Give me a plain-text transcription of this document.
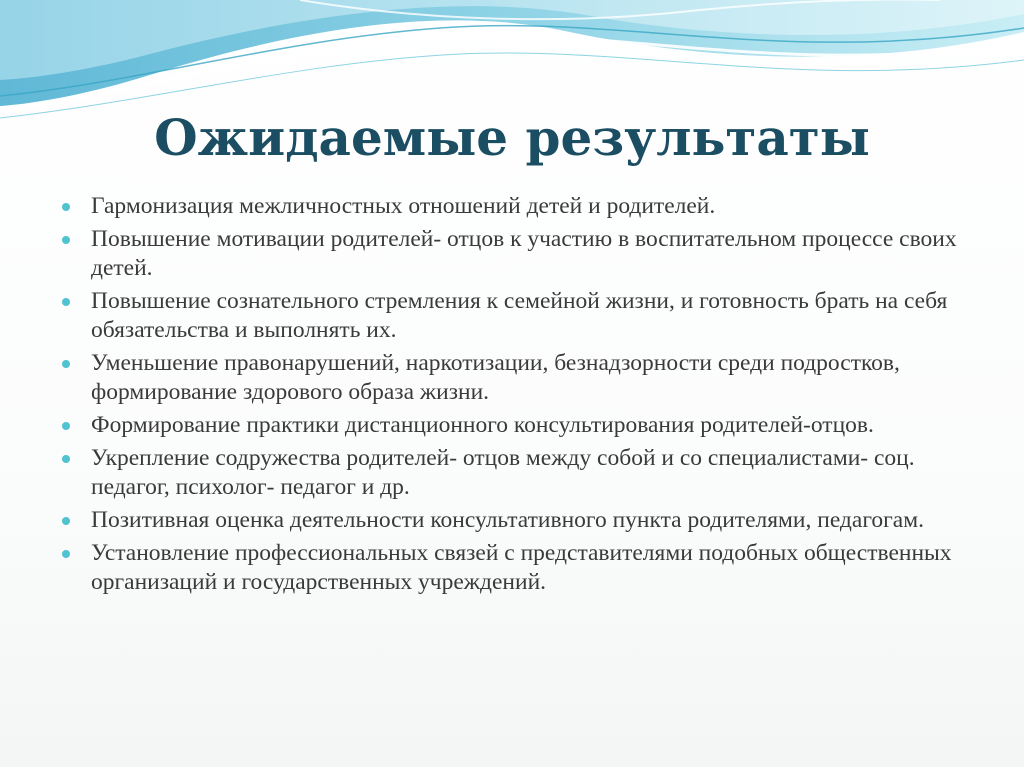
Ожидаемые результаты
Гармонизация межличностных отношений детей и родителей.
Повышение мотивации родителей- отцов к участию в воспитательном процессе своих детей.
Повышение сознательного стремления к семейной жизни, и готовность брать на себя обязательства и выполнять их.
Уменьшение правонарушений, наркотизации, безнадзорности среди подростков, формирование здорового образа жизни.
Формирование практики дистанционного консультирования родителей-отцов.
Укрепление содружества родителей- отцов между собой и со специалистами- соц. педагог, психолог- педагог и др.
Позитивная оценка деятельности консультативного пункта родителями, педагогам.
Установление профессиональных связей с представителями подобных общественных организаций и государственных учреждений.
